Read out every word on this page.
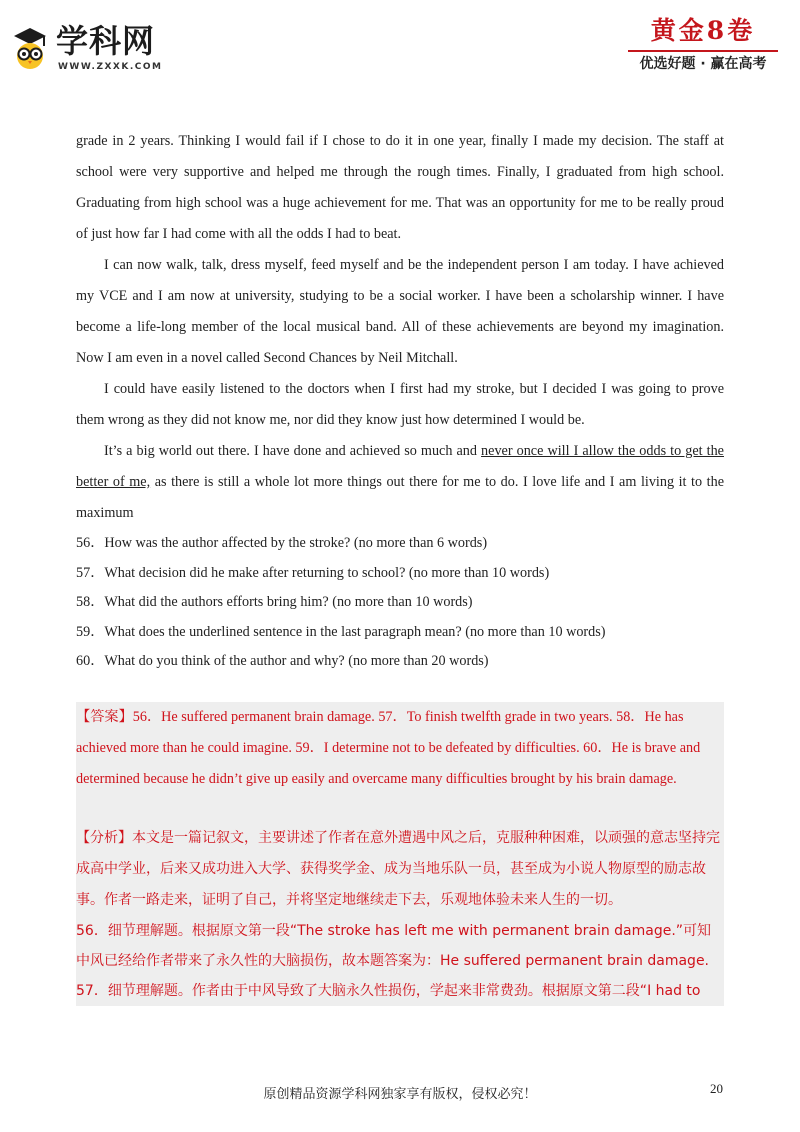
学科网
WWW.ZXXK.COM
黄金8卷
优选好题 · 赢在高考

grade in 2 years. Thinking I would fail if I chose to do it in one year, finally I made my decision. The staff at school were very supportive and helped me through the rough times. Finally, I graduated from high school. Graduating from high school was a huge achievement for me. That was an opportunity for me to be really proud of just how far I had come with all the odds I had to beat.

I can now walk, talk, dress myself, feed myself and be the independent person I am today. I have achieved my VCE and I am now at university, studying to be a social worker. I have been a scholarship winner. I have become a life-long member of the local musical band. All of these achievements are beyond my imagination. Now I am even in a novel called Second Chances by Neil Mitchall.

I could have easily listened to the doctors when I first had my stroke, but I decided I was going to prove them wrong as they did not know me, nor did they know just how determined I would be.

It’s a big world out there. I have done and achieved so much and never once will I allow the odds to get the better of me, as there is still a whole lot more things out there for me to do. I love life and I am living it to the maximum

56．How was the author affected by the stroke? (no more than 6 words)

57．What decision did he make after returning to school? (no more than 10 words)

58．What did the authors efforts bring him? (no more than 10 words)

59．What does the underlined sentence in the last paragraph mean? (no more than 10 words)

60．What do you think of the author and why? (no more than 20 words)

【答案】56．He suffered permanent brain damage. 57．To finish twelfth grade in two years. 58．He has achieved more than he could imagine. 59．I determine not to be defeated by difficulties. 60．He is brave and determined because he didn’t give up easily and overcame many difficulties brought by his brain damage.

【分析】本文是一篇记叙文，主要讲述了作者在意外遭遇中风之后，克服种种困难，以顽强的意志坚持完成高中学业，后来又成功进入大学、获得奖学金、成为当地乐队一员，甚至成为小说人物原型的励志故事。作者一路走来，证明了自己，并将坚定地继续走下去，乐观地体验未来人生的一切。

56．细节理解题。根据原文第一段“The stroke has left me with permanent brain damage.”可知中风已经给作者带来了永久性的大脑损伤，故本题答案为：He suffered permanent brain damage.

57．细节理解题。作者由于中风导致了大脑永久性损伤，学起来非常费劲。根据原文第二段“I had to

原创精品资源学科网独家享有版权，侵权必究！	20
